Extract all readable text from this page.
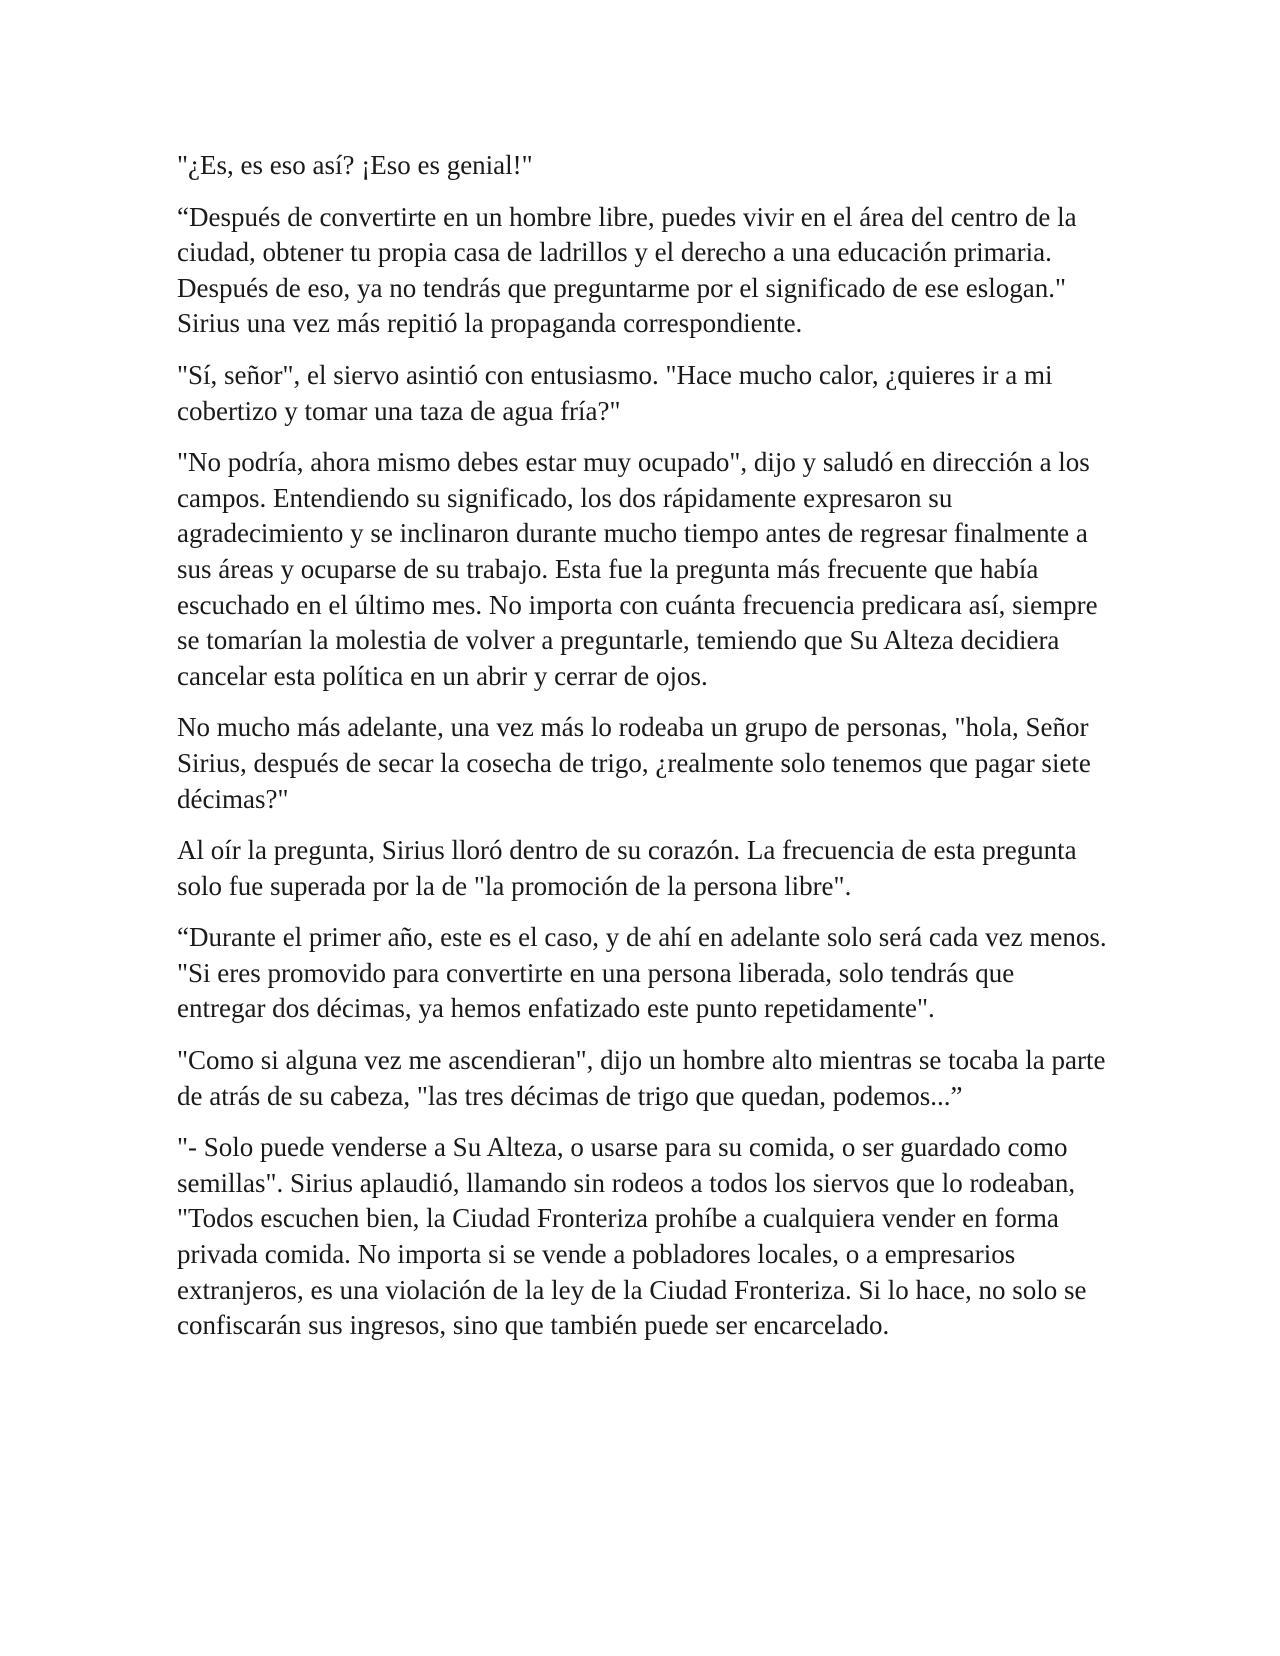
"¿Es, es eso así? ¡Eso es genial!"

“Después de convertirte en un hombre libre, puedes vivir en el área del centro de la ciudad, obtener tu propia casa de ladrillos y el derecho a una educación primaria. Después de eso, ya no tendrás que preguntarme por el significado de ese eslogan." Sirius una vez más repitió la propaganda correspondiente.

"Sí, señor", el siervo asintió con entusiasmo. "Hace mucho calor, ¿quieres ir a mi cobertizo y tomar una taza de agua fría?"

"No podría, ahora mismo debes estar muy ocupado", dijo y saludó en dirección a los campos. Entendiendo su significado, los dos rápidamente expresaron su agradecimiento y se inclinaron durante mucho tiempo antes de regresar finalmente a sus áreas y ocuparse de su trabajo. Esta fue la pregunta más frecuente que había escuchado en el último mes. No importa con cuánta frecuencia predicara así, siempre se tomarían la molestia de volver a preguntarle, temiendo que Su Alteza decidiera cancelar esta política en un abrir y cerrar de ojos.

No mucho más adelante, una vez más lo rodeaba un grupo de personas, "hola, Señor Sirius, después de secar la cosecha de trigo, ¿realmente solo tenemos que pagar siete décimas?"

Al oír la pregunta, Sirius lloró dentro de su corazón. La frecuencia de esta pregunta solo fue superada por la de "la promoción de la persona libre".

“Durante el primer año, este es el caso, y de ahí en adelante solo será cada vez menos. "Si eres promovido para convertirte en una persona liberada, solo tendrás que entregar dos décimas, ya hemos enfatizado este punto repetidamente".

"Como si alguna vez me ascendieran", dijo un hombre alto mientras se tocaba la parte de atrás de su cabeza, "las tres décimas de trigo que quedan, podemos...”

"- Solo puede venderse a Su Alteza, o usarse para su comida, o ser guardado como semillas". Sirius aplaudió, llamando sin rodeos a todos los siervos que lo rodeaban, "Todos escuchen bien, la Ciudad Fronteriza prohíbe a cualquiera vender en forma privada comida. No importa si se vende a pobladores locales, o a empresarios extranjeros, es una violación de la ley de la Ciudad Fronteriza. Si lo hace, no solo se confiscarán sus ingresos, sino que también puede ser encarcelado.
